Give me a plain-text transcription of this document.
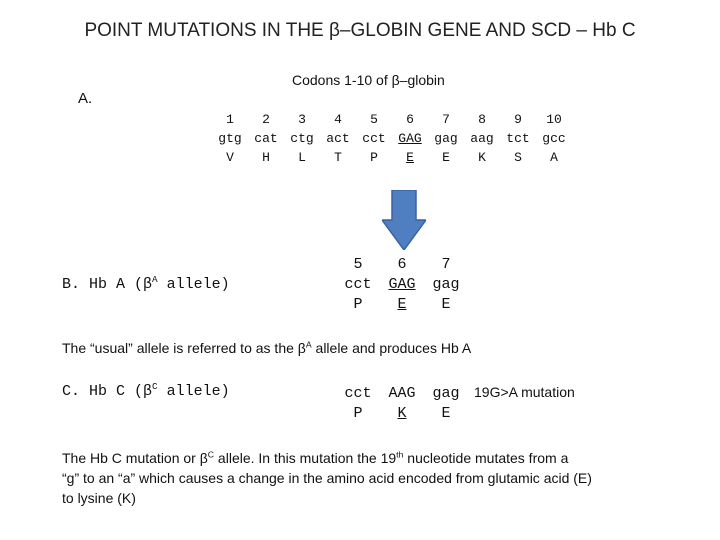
POINT MUTATIONS IN THE β–GLOBIN GENE AND SCD – Hb C
A.
Codons 1-10 of β–globin
1	2	3	4	5	6	7	8	9	10
gtg cat ctg act cct GAG gag aag tct gcc
V	H	L	T	P	E	E	K	S	A
B. Hb A ($\beta^A$ allele)
5	6	7
cct	GAG	gag
P	E	E
The “usual” allele is referred to as the $\beta^A$ allele and produces Hb A
C. Hb C ($\beta^C$ allele)	cct	AAG	gag	19G>A mutation
P	K	E
The Hb C mutation or $\beta^C$ allele. In this mutation the 19th nucleotide mutates from a
“g” to an “a” which causes a change in the amino acid encoded from glutamic acid (E)
to lysine (K)
